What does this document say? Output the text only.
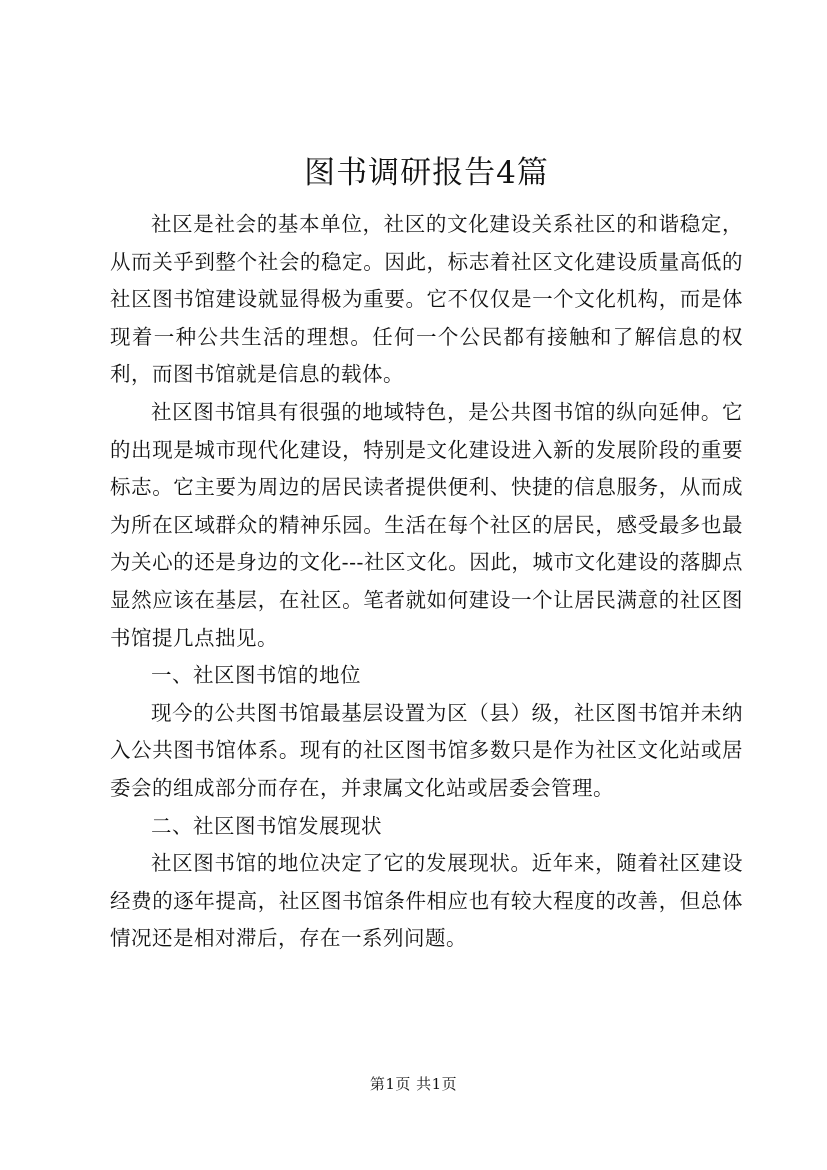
图书调研报告4篇

社区是社会的基本单位，社区的文化建设关系社区的和谐稳定，从而关乎到整个社会的稳定。因此，标志着社区文化建设质量高低的社区图书馆建设就显得极为重要。它不仅仅是一个文化机构，而是体现着一种公共生活的理想。任何一个公民都有接触和了解信息的权利，而图书馆就是信息的载体。

社区图书馆具有很强的地域特色，是公共图书馆的纵向延伸。它的出现是城市现代化建设，特别是文化建设进入新的发展阶段的重要标志。它主要为周边的居民读者提供便利、快捷的信息服务，从而成为所在区域群众的精神乐园。生活在每个社区的居民，感受最多也最为关心的还是身边的文化---社区文化。因此，城市文化建设的落脚点显然应该在基层，在社区。笔者就如何建设一个让居民满意的社区图书馆提几点拙见。

一、社区图书馆的地位

现今的公共图书馆最基层设置为区（县）级，社区图书馆并未纳入公共图书馆体系。现有的社区图书馆多数只是作为社区文化站或居委会的组成部分而存在，并隶属文化站或居委会管理。

二、社区图书馆发展现状

社区图书馆的地位决定了它的发展现状。近年来，随着社区建设经费的逐年提高，社区图书馆条件相应也有较大程度的改善，但总体情况还是相对滞后，存在一系列问题。

第1页 共1页
